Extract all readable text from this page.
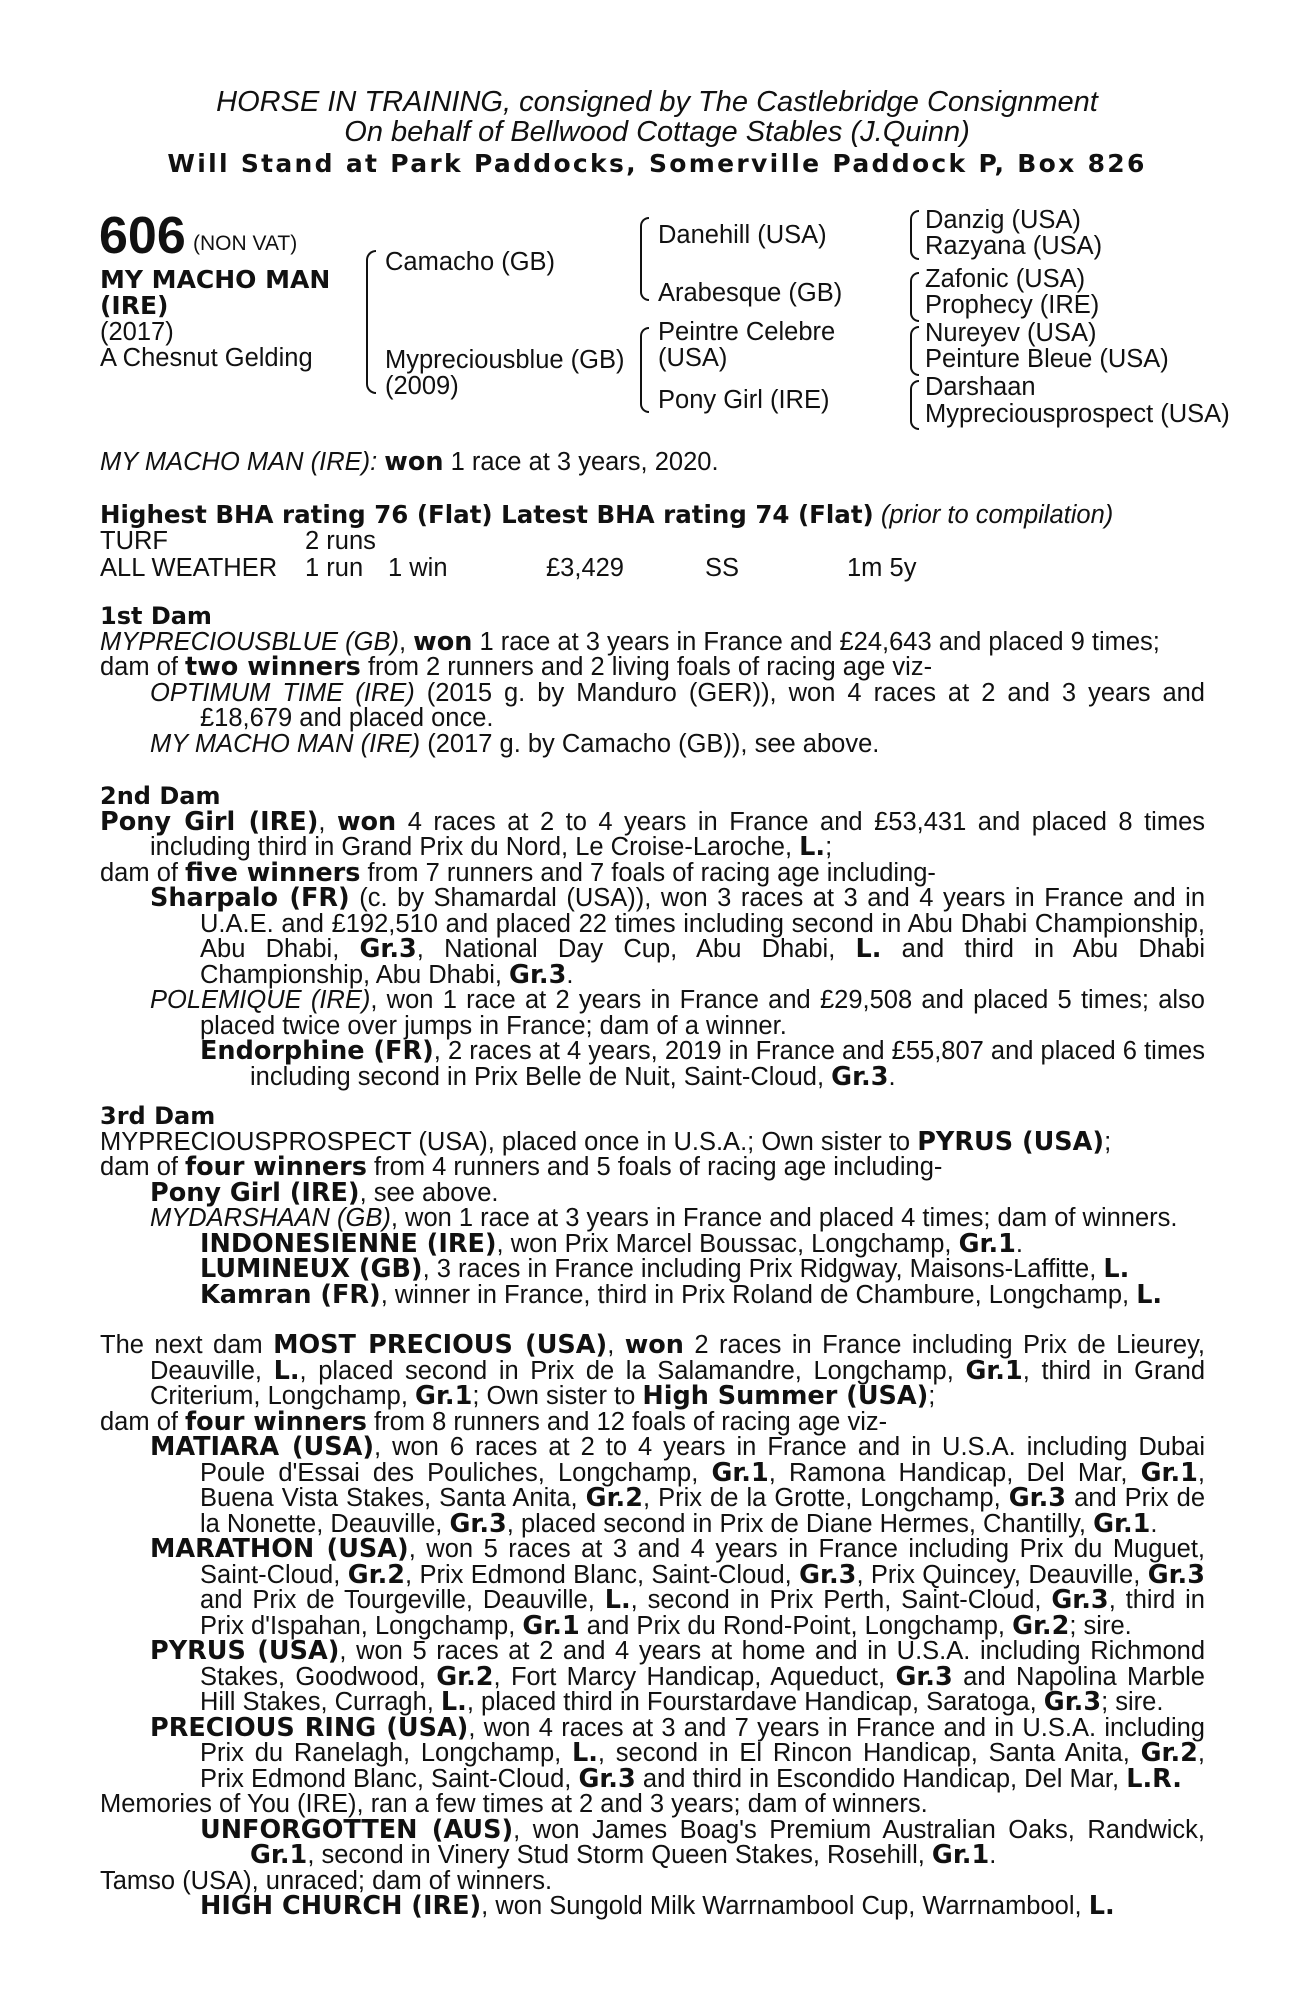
HORSE IN TRAINING, consigned by The Castlebridge Consignment
On behalf of Bellwood Cottage Stables (J.Quinn)
Will Stand at Park Paddocks, Somerville Paddock P, Box 826
606 (NON VAT)
MY MACHO MAN
(IRE)
(2017)
A Chesnut Gelding
Camacho (GB)
Mypreciousblue (GB)
(2009)
Danehill (USA)
Arabesque (GB)
Peintre Celebre
(USA)
Pony Girl (IRE)
Danzig (USA)
Razyana (USA)
Zafonic (USA)
Prophecy (IRE)
Nureyev (USA)
Peinture Bleue (USA)
Darshaan
Mypreciousprospect (USA)
MY MACHO MAN (IRE): won 1 race at 3 years, 2020.
Highest BHA rating 76 (Flat) Latest BHA rating 74 (Flat) (prior to compilation)
TURF	2 runs
ALL WEATHER 1 run 1 win	£3,429	SS	1m 5y
1st Dam
MYPRECIOUSBLUE (GB), won 1 race at 3 years in France and £24,643 and placed 9 times;
dam of two winners from 2 runners and 2 living foals of racing age viz-
OPTIMUM TIME (IRE) (2015 g. by Manduro (GER)), won 4 races at 2 and 3 years and £18,679 and placed once.
MY MACHO MAN (IRE) (2017 g. by Camacho (GB)), see above.
2nd Dam
Pony Girl (IRE), won 4 races at 2 to 4 years in France and £53,431 and placed 8 times including third in Grand Prix du Nord, Le Croise-Laroche, L.;
dam of five winners from 7 runners and 7 foals of racing age including-
Sharpalo (FR) (c. by Shamardal (USA)), won 3 races at 3 and 4 years in France and in U.A.E. and £192,510 and placed 22 times including second in Abu Dhabi Championship, Abu Dhabi, Gr.3, National Day Cup, Abu Dhabi, L. and third in Abu Dhabi Championship, Abu Dhabi, Gr.3.
POLEMIQUE (IRE), won 1 race at 2 years in France and £29,508 and placed 5 times; also placed twice over jumps in France; dam of a winner.
Endorphine (FR), 2 races at 4 years, 2019 in France and £55,807 and placed 6 times including second in Prix Belle de Nuit, Saint-Cloud, Gr.3.
3rd Dam
MYPRECIOUSPROSPECT (USA), placed once in U.S.A.; Own sister to PYRUS (USA);
dam of four winners from 4 runners and 5 foals of racing age including-
Pony Girl (IRE), see above.
MYDARSHAAN (GB), won 1 race at 3 years in France and placed 4 times; dam of winners.
INDONESIENNE (IRE), won Prix Marcel Boussac, Longchamp, Gr.1.
LUMINEUX (GB), 3 races in France including Prix Ridgway, Maisons-Laffitte, L.
Kamran (FR), winner in France, third in Prix Roland de Chambure, Longchamp, L.
The next dam MOST PRECIOUS (USA), won 2 races in France including Prix de Lieurey, Deauville, L., placed second in Prix de la Salamandre, Longchamp, Gr.1, third in Grand Criterium, Longchamp, Gr.1; Own sister to High Summer (USA);
dam of four winners from 8 runners and 12 foals of racing age viz-
MATIARA (USA), won 6 races at 2 to 4 years in France and in U.S.A. including Dubai Poule d'Essai des Pouliches, Longchamp, Gr.1, Ramona Handicap, Del Mar, Gr.1, Buena Vista Stakes, Santa Anita, Gr.2, Prix de la Grotte, Longchamp, Gr.3 and Prix de la Nonette, Deauville, Gr.3, placed second in Prix de Diane Hermes, Chantilly, Gr.1.
MARATHON (USA), won 5 races at 3 and 4 years in France including Prix du Muguet, Saint-Cloud, Gr.2, Prix Edmond Blanc, Saint-Cloud, Gr.3, Prix Quincey, Deauville, Gr.3 and Prix de Tourgeville, Deauville, L., second in Prix Perth, Saint-Cloud, Gr.3, third in Prix d'Ispahan, Longchamp, Gr.1 and Prix du Rond-Point, Longchamp, Gr.2; sire.
PYRUS (USA), won 5 races at 2 and 4 years at home and in U.S.A. including Richmond Stakes, Goodwood, Gr.2, Fort Marcy Handicap, Aqueduct, Gr.3 and Napolina Marble Hill Stakes, Curragh, L., placed third in Fourstardave Handicap, Saratoga, Gr.3; sire.
PRECIOUS RING (USA), won 4 races at 3 and 7 years in France and in U.S.A. including Prix du Ranelagh, Longchamp, L., second in El Rincon Handicap, Santa Anita, Gr.2, Prix Edmond Blanc, Saint-Cloud, Gr.3 and third in Escondido Handicap, Del Mar, L.R.
Memories of You (IRE), ran a few times at 2 and 3 years; dam of winners.
UNFORGOTTEN (AUS), won James Boag's Premium Australian Oaks, Randwick, Gr.1, second in Vinery Stud Storm Queen Stakes, Rosehill, Gr.1.
Tamso (USA), unraced; dam of winners.
HIGH CHURCH (IRE), won Sungold Milk Warrnambool Cup, Warrnambool, L.
